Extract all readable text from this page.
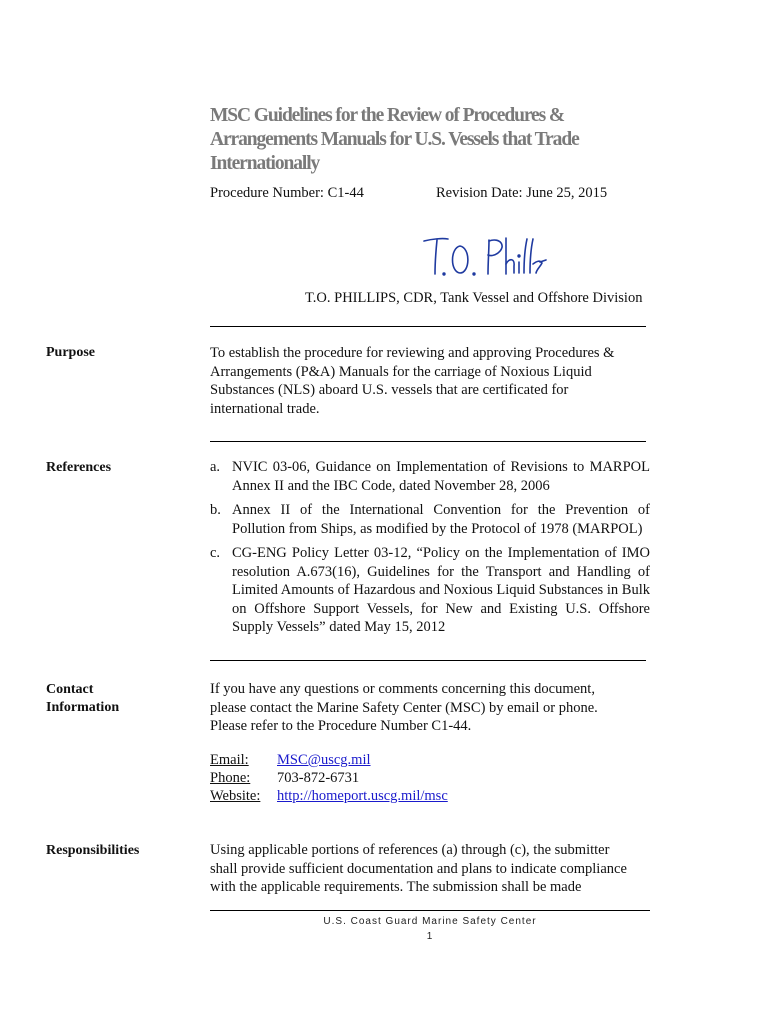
MSC Guidelines for the Review of Procedures &
Arrangements Manuals for U.S. Vessels that Trade
Internationally
Procedure Number: C1-44	Revision Date: June 25, 2015
T.O. PHILLIPS, CDR, Tank Vessel and Offshore Division
Purpose	To establish the procedure for reviewing and approving Procedures &
Arrangements (P&A) Manuals for the carriage of Noxious Liquid
Substances (NLS) aboard U.S. vessels that are certificated for
international trade.
References	a. NVIC 03-06, Guidance on Implementation of Revisions to MARPOL Annex II and the IBC Code, dated November 28, 2006
b. Annex II of the International Convention for the Prevention of Pollution from Ships, as modified by the Protocol of 1978 (MARPOL)
c. CG-ENG Policy Letter 03-12, “Policy on the Implementation of IMO resolution A.673(16), Guidelines for the Transport and Handling of Limited Amounts of Hazardous and Noxious Liquid Substances in Bulk on Offshore Support Vessels, for New and Existing U.S. Offshore Supply Vessels” dated May 15, 2012
Contact
Information
If you have any questions or comments concerning this document,
please contact the Marine Safety Center (MSC) by email or phone.
Please refer to the Procedure Number C1-44.
Email: MSC@uscg.mil
Phone: 703-872-6731
Website: http://homeport.uscg.mil/msc
Responsibilities	Using applicable portions of references (a) through (c), the submitter
shall provide sufficient documentation and plans to indicate compliance
with the applicable requirements. The submission shall be made
U.S. Coast Guard Marine Safety Center
1
